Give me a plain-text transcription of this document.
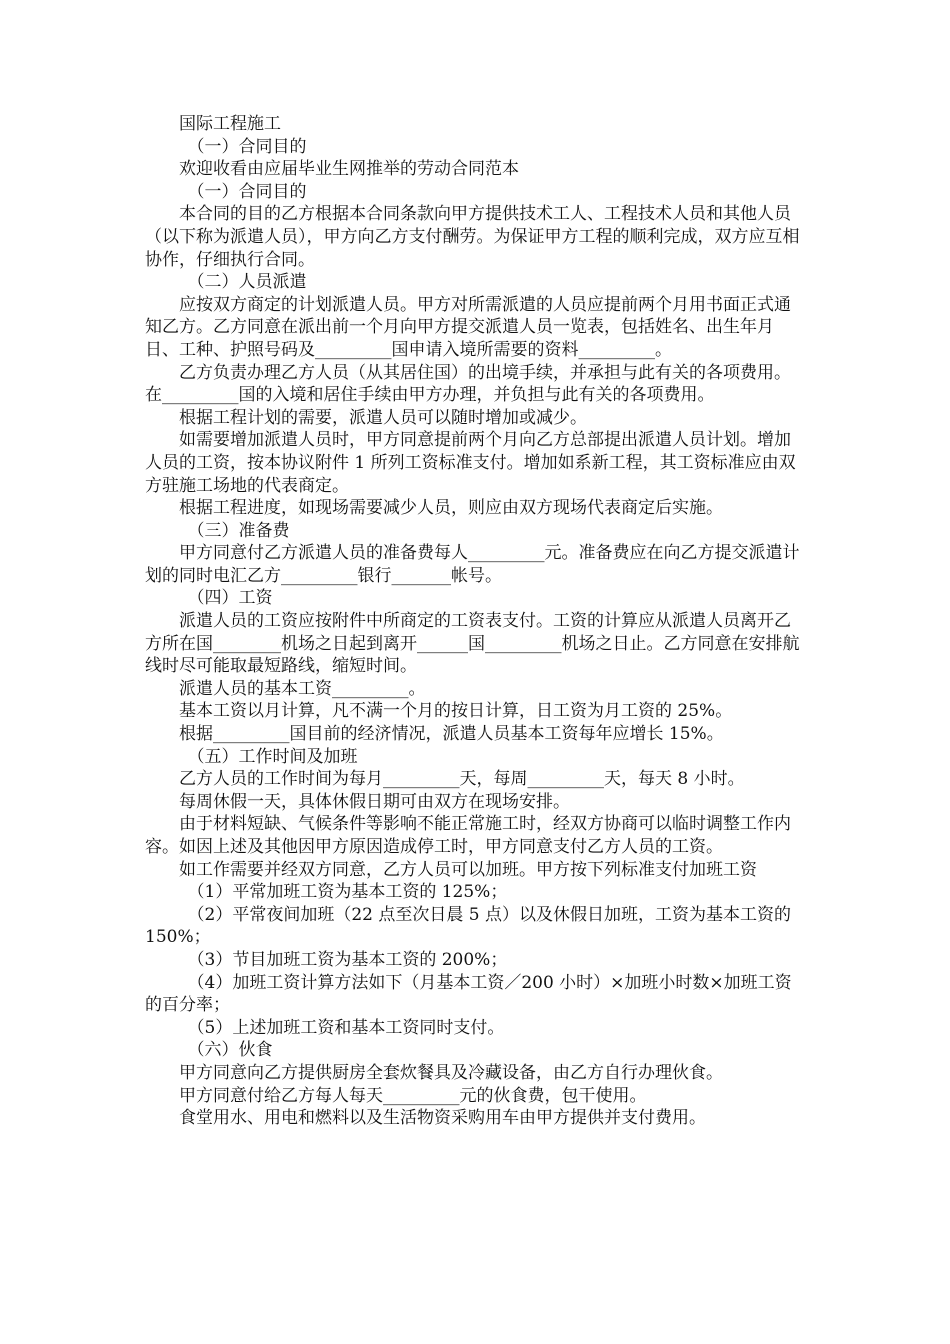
国际工程施工

（一）合同目的

欢迎收看由应届毕业生网推举的劳动合同范本

（一）合同目的

本合同的目的乙方根据本合同条款向甲方提供技术工人、工程技术人员和其他人员（以下称为派遣人员），甲方向乙方支付酬劳。为保证甲方工程的顺利完成，双方应互相协作，仔细执行合同。

（二）人员派遣

应按双方商定的计划派遣人员。甲方对所需派遣的人员应提前两个月用书面正式通知乙方。乙方同意在派出前一个月向甲方提交派遣人员一览表，包括姓名、出生年月日、工种、护照号码及_________国申请入境所需要的资料_________。

乙方负责办理乙方人员（从其居住国）的出境手续，并承担与此有关的各项费用。在_________国的入境和居住手续由甲方办理，并负担与此有关的各项费用。

根据工程计划的需要，派遣人员可以随时增加或减少。

如需要增加派遣人员时，甲方同意提前两个月向乙方总部提出派遣人员计划。增加人员的工资，按本协议附件 1 所列工资标准支付。增加如系新工程，其工资标准应由双方驻施工场地的代表商定。

根据工程进度，如现场需要减少人员，则应由双方现场代表商定后实施。

（三）准备费

甲方同意付乙方派遣人员的准备费每人_________元。准备费应在向乙方提交派遣计划的同时电汇乙方_________银行_______帐号。

（四）工资

派遣人员的工资应按附件中所商定的工资表支付。工资的计算应从派遣人员离开乙方所在国________机场之日起到离开______国_________机场之日止。乙方同意在安排航线时尽可能取最短路线，缩短时间。

派遣人员的基本工资_________。

基本工资以月计算，凡不满一个月的按日计算，日工资为月工资的 25%。

根据_________国目前的经济情况，派遣人员基本工资每年应增长 15%。

（五）工作时间及加班

乙方人员的工作时间为每月_________天，每周_________天，每天 8 小时。

每周休假一天，具体休假日期可由双方在现场安排。

由于材料短缺、气候条件等影响不能正常施工时，经双方协商可以临时调整工作内容。如因上述及其他因甲方原因造成停工时，甲方同意支付乙方人员的工资。

如工作需要并经双方同意，乙方人员可以加班。甲方按下列标准支付加班工资

（1）平常加班工资为基本工资的 125%；

（2）平常夜间加班（22 点至次日晨 5 点）以及休假日加班，工资为基本工资的 150%；

（3）节目加班工资为基本工资的 200%；

（4）加班工资计算方法如下（月基本工资／200 小时）×加班小时数×加班工资的百分率；

（5）上述加班工资和基本工资同时支付。

（六）伙食

甲方同意向乙方提供厨房全套炊餐具及冷藏设备，由乙方自行办理伙食。

甲方同意付给乙方每人每天_________元的伙食费，包干使用。

食堂用水、用电和燃料以及生活物资采购用车由甲方提供并支付费用。
